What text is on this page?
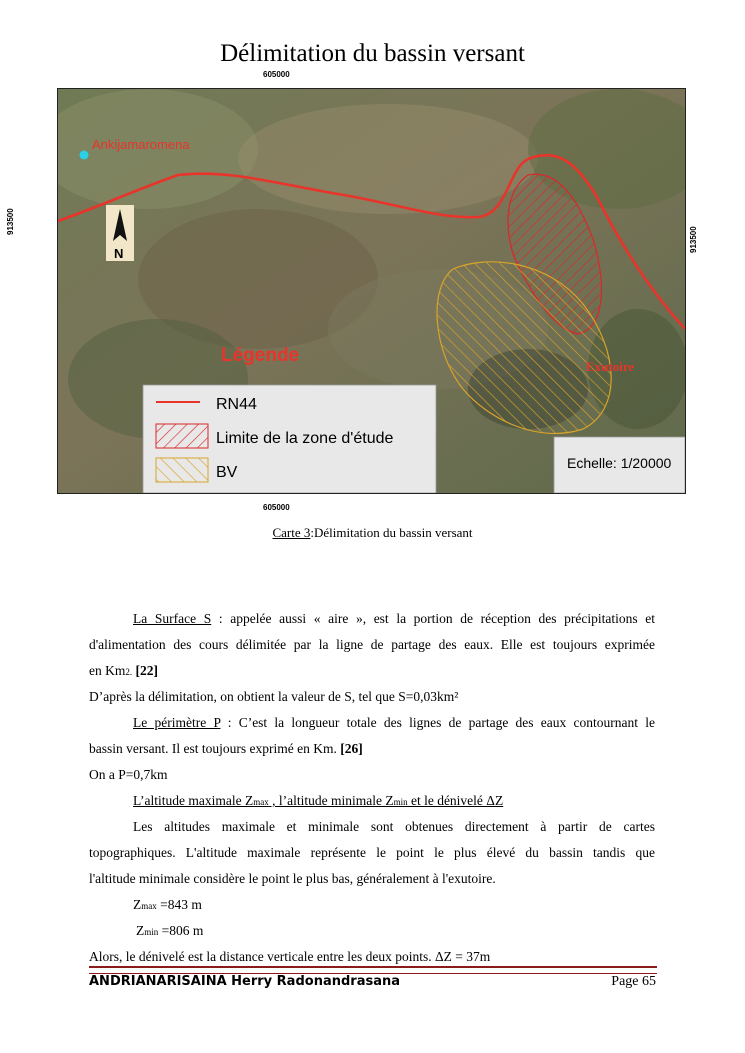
Délimitation du bassin versant
605000
605000
913500
913500
Ankijamaromena
N
Exutoire
Légende
RN44
Limite de la zone d'étude
BV
Echelle: 1/20000
Carte 3:Délimitation du bassin versant
La Surface S : appelée aussi « aire », est la portion de réception des précipitations et
d'alimentation des cours délimitée par la ligne de partage des eaux. Elle est toujours exprimée
en Km2. [22]
D’après la délimitation, on obtient la valeur de S, tel que S=0,03km²
Le périmètre P : C’est la longueur totale des lignes de partage des eaux contournant le
bassin versant. Il est toujours exprimé en Km. [26]
On a P=0,7km
L’altitude maximale Zmax , l’altitude minimale Zmin et le dénivelé ΔZ
Les altitudes maximale et minimale sont obtenues directement à partir de cartes
topographiques. L'altitude maximale représente le point le plus élevé du bassin tandis que
l'altitude minimale considère le point le plus bas, généralement à l'exutoire.
Zmax =843 m
Zmin =806 m
Alors, le dénivelé est la distance verticale entre les deux points. ΔZ = 37m
ANDRIANARISAINA Herry Radonandrasana	Page 65
